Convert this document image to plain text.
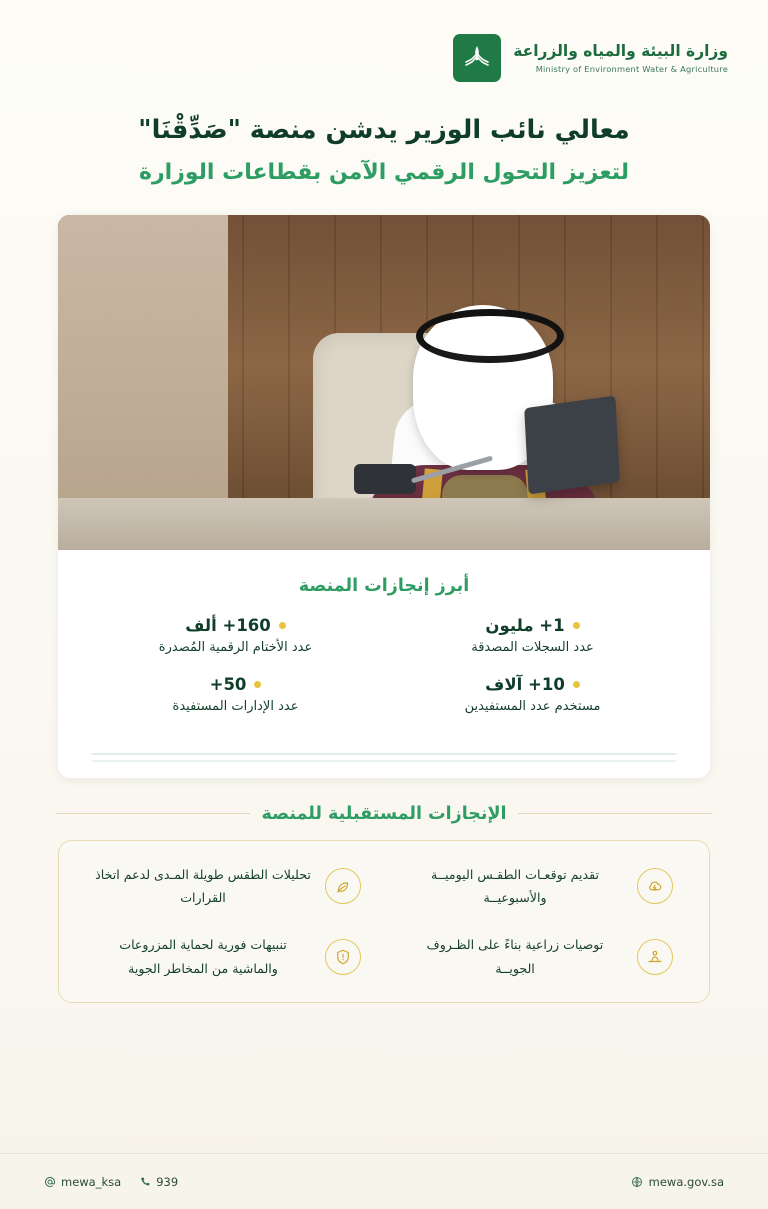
وزارة البيئة والمياه والزراعة
Ministry of Environment Water & Agriculture
معالي نائب الوزير يدشن منصة "صَدِّقْنَا"
لتعزيز التحول الرقمي الآمن بقطاعات الوزارة
أبرز إنجازات المنصة
1+ مليون
عدد السجلات المصدقة
160+ ألف
عدد الأختام الرقمية المُصدرة
10+ آلاف
مستخدم عدد المستفيدين
50+
عدد الإدارات المستفيدة
الإنجازات المستقبلية للمنصة
تقديم توقعـات الطقـس اليوميــة والأسبوعيــة
تحليلات الطقس طويلة المـدى لدعم اتخاذ القرارات
توصيات زراعية بناءً على الظـروف الجويــة
تنبيهات فورية لحماية المزروعات والماشية من المخاطر الجوية
mewa_ksa	939	mewa.gov.sa
